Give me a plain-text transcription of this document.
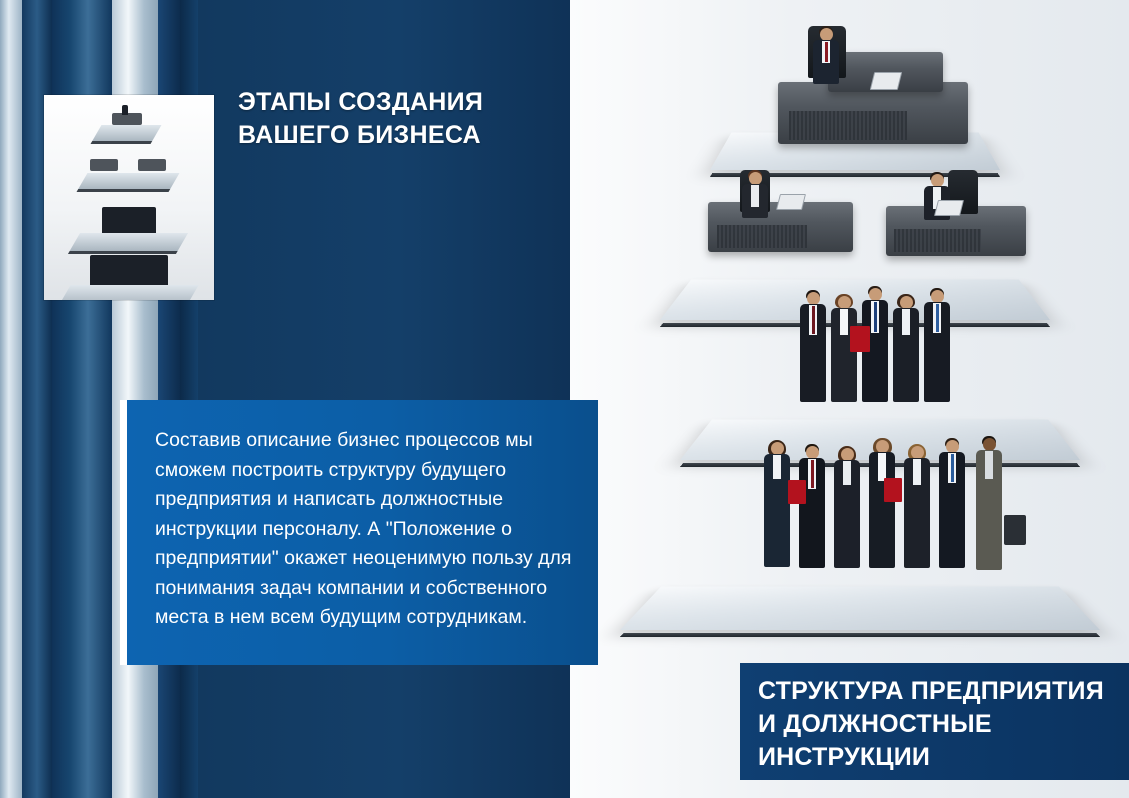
ЭТАПЫ СОЗДАНИЯ
ВАШЕГО БИЗНЕСА

Составив описание бизнес процессов мы сможем построить структуру будущего предприятия и написать должностные инструкции персоналу. А "Положение о предприятии" окажет неоценимую пользу для понимания задач компании и собственного места в нем всем будущим сотрудникам.

СТРУКТУРА ПРЕДПРИЯТИЯ
И ДОЛЖНОСТНЫЕ
ИНСТРУКЦИИ
